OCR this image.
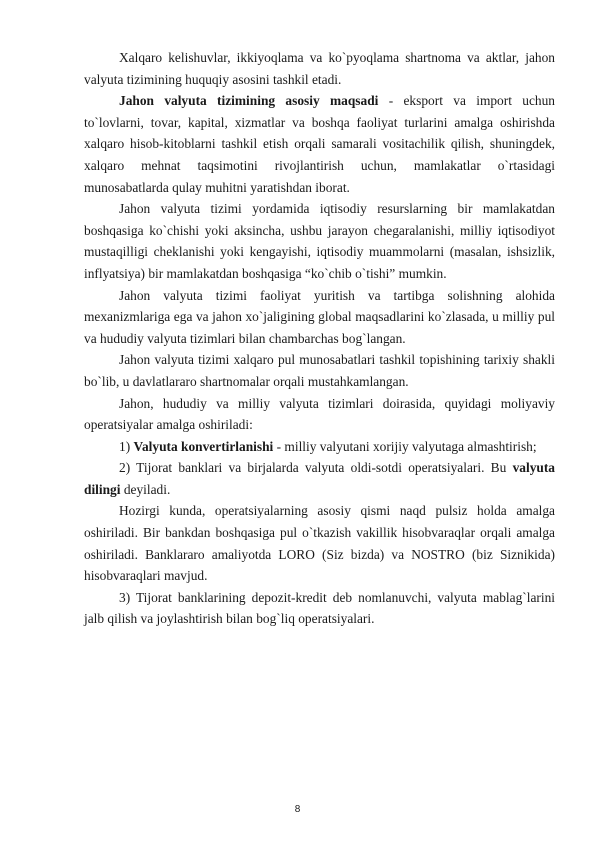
Xalqaro kelishuvlar, ikkiyoqlama va ko`pyoqlama shartnoma va aktlar, jahon valyuta tizimining huquqiy asosini tashkil etadi.

Jahon valyuta tizimining asosiy maqsadi - eksport va import uchun to`lovlarni, tovar, kapital, xizmatlar va boshqa faoliyat turlarini amalga oshirishda xalqaro hisob-kitoblarni tashkil etish orqali samarali vositachilik qilish, shuningdek, xalqaro mehnat taqsimotini rivojlantirish uchun, mamlakatlar o`rtasidagi munosabatlarda qulay muhitni yaratishdan iborat.

Jahon valyuta tizimi yordamida iqtisodiy resurslarning bir mamlakatdan boshqasiga ko`chishi yoki aksincha, ushbu jarayon chegaralanishi, milliy iqtisodiyot mustaqilligi cheklanishi yoki kengayishi, iqtisodiy muammolarni (masalan, ishsizlik, inflyatsiya) bir mamlakatdan boshqasiga “ko`chib o`tishi” mumkin.

Jahon valyuta tizimi faoliyat yuritish va tartibga solishning alohida mexanizmlariga ega va jahon xo`jaligining global maqsadlarini ko`zlasada, u milliy pul va hududiy valyuta tizimlari bilan chambarchas bog`langan.

Jahon valyuta tizimi xalqaro pul munosabatlari tashkil topishining tarixiy shakli bo`lib, u davlatlararo shartnomalar orqali mustahkamlangan.

Jahon, hududiy va milliy valyuta tizimlari doirasida, quyidagi moliyaviy operatsiyalar amalga oshiriladi:

1) Valyuta konvertirlanishi - milliy valyutani xorijiy valyutaga almashtirish;

2) Tijorat banklari va birjalarda valyuta oldi-sotdi operatsiyalari. Bu valyuta dilingi deyiladi.

Hozirgi kunda, operatsiyalarning asosiy qismi naqd pulsiz holda amalga oshiriladi. Bir bankdan boshqasiga pul o`tkazish vakillik hisobvaraqlar orqali amalga oshiriladi. Banklararo amaliyotda LORO (Siz bizda) va NOSTRO (biz Siznikida) hisobvaraqlari mavjud.

3) Tijorat banklarining depozit-kredit deb nomlanuvchi, valyuta mablag`larini jalb qilish va joylashtirish bilan bog`liq operatsiyalari.

8
